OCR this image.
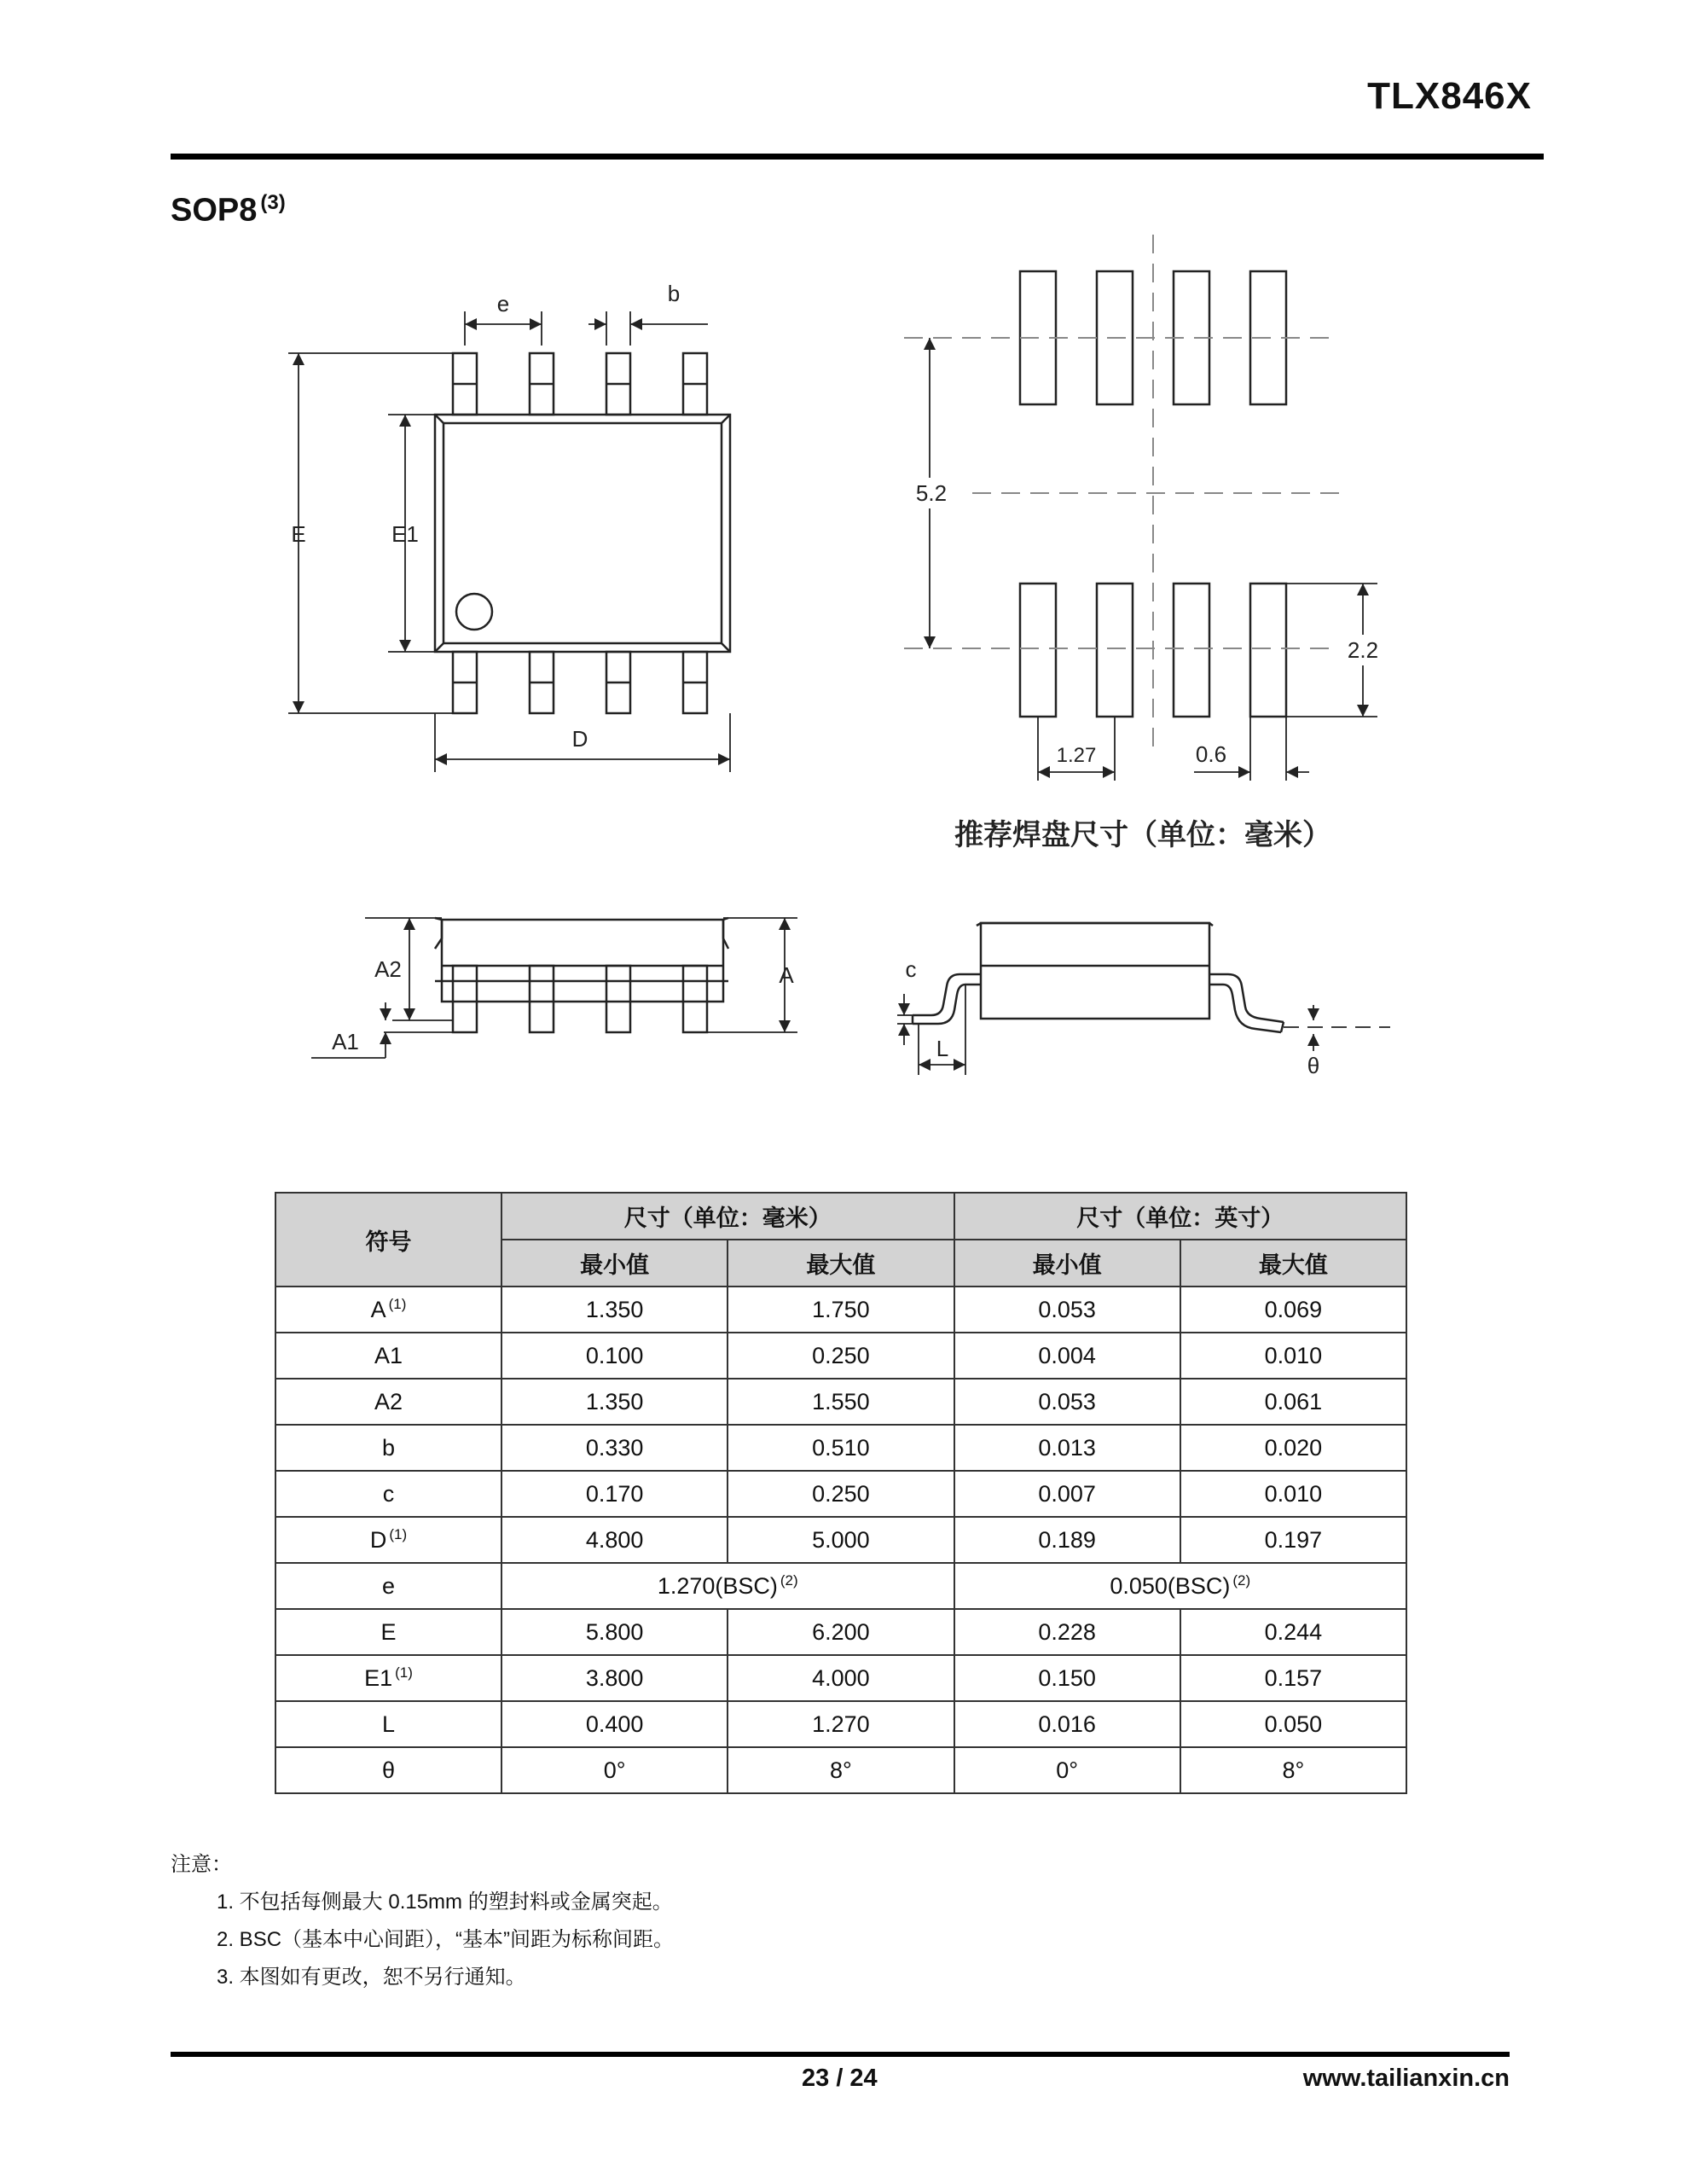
TLX846X
SOP8 $^{(3)}$
e	b
E	E1
D
5.2
2.2
1.27	0.6
推荐焊盘尺寸（单位：毫米）
A2
A1
A	c
L
θ
符号	尺寸（单位：毫米）		尺寸（单位：英寸）	
	最小值	最大值	最小值	最大值
A $^{(1)}$	1.350	1.750	0.053	0.069
A1	0.100	0.250	0.004	0.010
A2	1.350	1.550	0.053	0.061
b	0.330	0.510	0.013	0.020
c	0.170	0.250	0.007	0.010
D $^{(1)}$	4.800	5.000	0.189	0.197
e	1.270(BSC) $^{(2)}$		0.050(BSC) $^{(2)}$
E	5.800	6.200	0.228	0.244
E1 $^{(1)}$	3.800	4.000	0.150	0.157
L	0.400	1.270	0.016	0.050
θ	0°	8°	0°	8°
注意：
1. 不包括每侧最大 0.15mm 的塑封料或金属突起。
2. BSC（基本中心间距），“基本”间距为标称间距。
3. 本图如有更改，恕不另行通知。
23 / 24	www.tailianxin.cn
